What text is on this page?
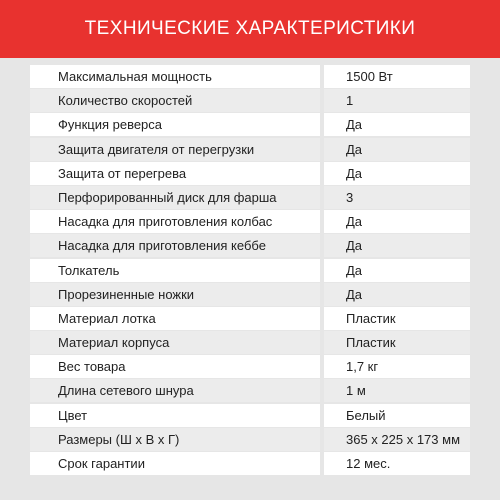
ТЕХНИЧЕСКИЕ ХАРАКТЕРИСТИКИ
Максимальная мощность	1500 Вт
Количество скоростей	1
Функция реверса	Да
Защита двигателя от перегрузки	Да
Защита от перегрева	Да
Перфорированный диск для фарша	3
Насадка для приготовления колбас	Да
Насадка для приготовления кеббе	Да
Толкатель	Да
Прорезиненные ножки	Да
Материал лотка	Пластик
Материал корпуса	Пластик
Вес товара	1,7 кг
Длина сетевого шнура	1 м
Цвет	Белый
Размеры (Ш х В х Г)	365 х 225 х 173 мм
Срок гарантии	12 мес.
